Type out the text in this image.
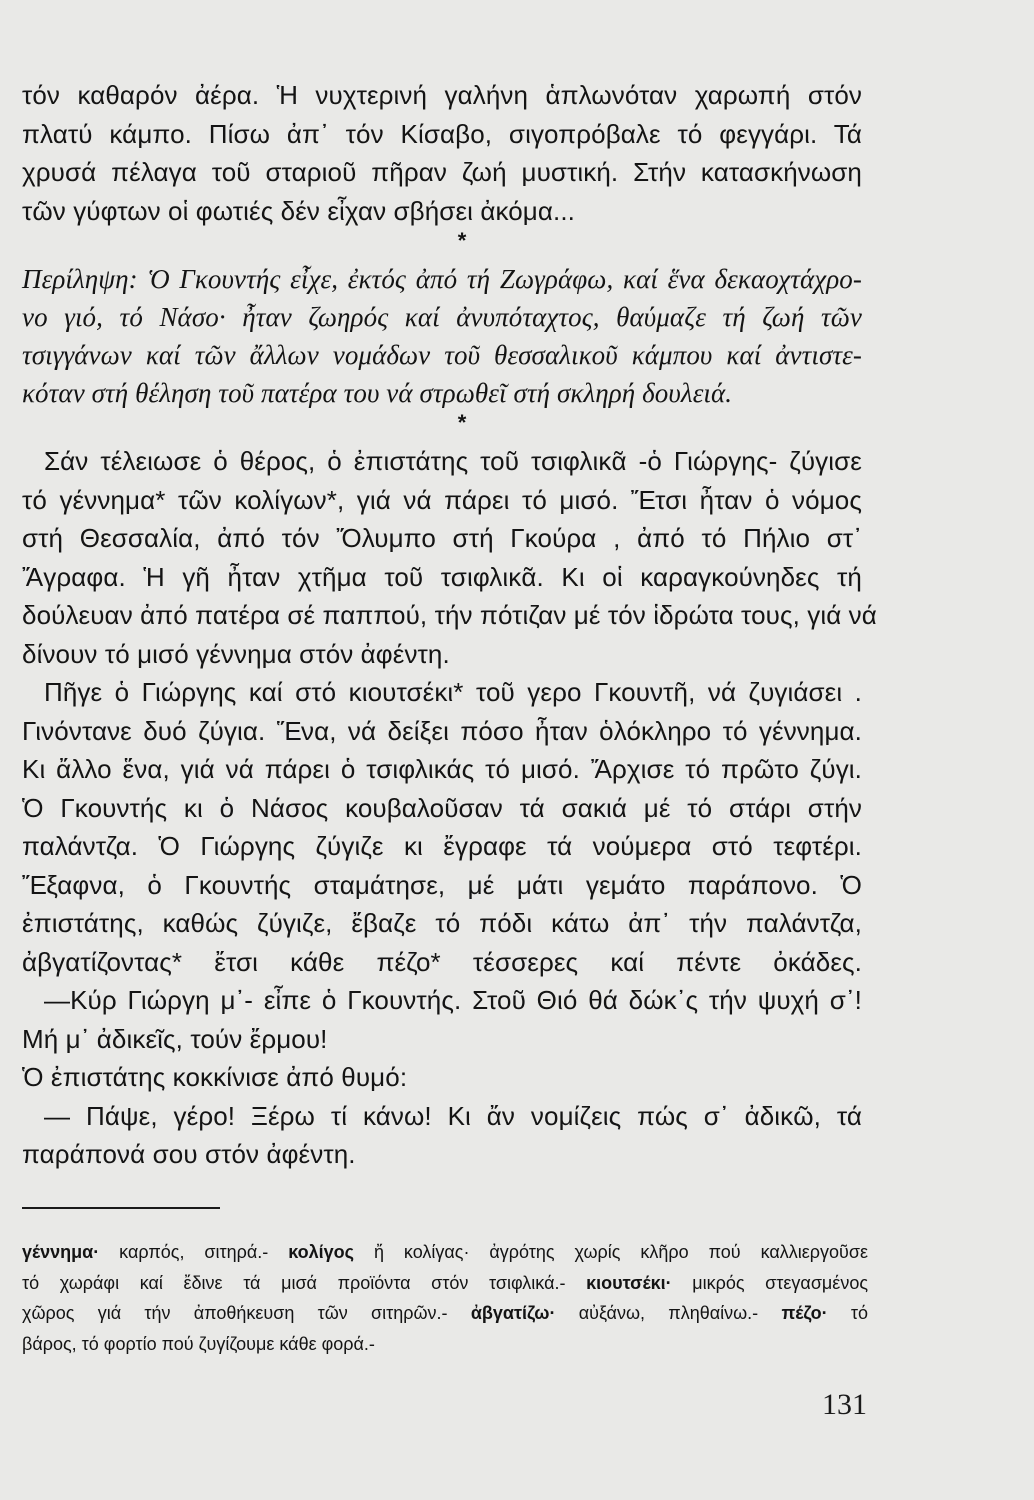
τόν καθαρόν ἀέρα. Ἡ νυχτερινή γαλήνη ἁπλωνόταν χαρωπή στόν
πλατύ κάμπο. Πίσω ἀπ᾿ τόν Κίσαβο, σιγοπρόβαλε τό φεγγάρι. Τά
χρυσά πέλαγα τοῦ σταριοῦ πῆραν ζωή μυστική. Στήν κατασκήνωση
τῶν γύφτων οἱ φωτιές δέν εἶχαν σβήσει ἀκόμα...
*
Περίληψη: Ὁ Γκουντής εἶχε, ἐκτός ἀπό τή Ζωγράφω, καί ἕνα δεκαοχτάχρο-
νο γιό, τό Νάσο· ἦταν ζωηρός καί ἀνυπόταχτος, θαύμαζε τή ζωή τῶν
τσιγγάνων καί τῶν ἄλλων νομάδων τοῦ θεσσαλικοῦ κάμπου καί ἀντιστε-
κόταν στή θέληση τοῦ πατέρα του νά στρωθεῖ στή σκληρή δουλειά.
*
Σάν τέλειωσε ὁ θέρος, ὁ ἐπιστάτης τοῦ τσιφλικᾶ -ὁ Γιώργης- ζύγισε
τό γέννημα* τῶν κολίγων*, γιά νά πάρει τό μισό. Ἔτσι ἦταν ὁ νόμος
στή Θεσσαλία, ἀπό τόν Ὄλυμπο στή Γκούρα , ἀπό τό Πήλιο στ᾿
Ἄγραφα. Ἡ γῆ ἦταν χτῆμα τοῦ τσιφλικᾶ. Κι οἱ καραγκούνηδες τή
δούλευαν ἀπό πατέρα σέ παππού, τήν πότιζαν μέ τόν ἱδρώτα τους, γιά νά
δίνουν τό μισό γέννημα στόν ἀφέντη.
Πῆγε ὁ Γιώργης καί στό κιουτσέκι* τοῦ γερο Γκουντῆ, νά ζυγιάσει .
Γινόντανε δυό ζύγια. Ἕνα, νά δείξει πόσο ἦταν ὁλόκληρο τό γέννημα.
Κι ἄλλο ἕνα, γιά νά πάρει ὁ τσιφλικάς τό μισό. Ἄρχισε τό πρῶτο ζύγι.
Ὁ Γκουντής κι ὁ Νάσος κουβαλοῦσαν τά σακιά μέ τό στάρι στήν
παλάντζα. Ὁ Γιώργης ζύγιζε κι ἔγραφε τά νούμερα στό τεφτέρι.
Ἔξαφνα, ὁ Γκουντής σταμάτησε, μέ μάτι γεμάτο παράπονο. Ὁ
ἐπιστάτης, καθώς ζύγιζε, ἔβαζε τό πόδι κάτω ἀπ᾿ τήν παλάντζα,
ἀβγατίζοντας* ἔτσι κάθε πέζο* τέσσερες καί πέντε ὀκάδες.
—Κύρ Γιώργη μ᾿- εἶπε ὁ Γκουντής. Στοῦ Θιό θά δώκ᾿ς τήν ψυχή σ᾿!
Μή μ᾿ ἀδικεῖς, τούν ἔρμου!
Ὁ ἐπιστάτης κοκκίνισε ἀπό θυμό:
— Πάψε, γέρο! Ξέρω τί κάνω! Κι ἄν νομίζεις πώς σ᾿ ἀδικῶ, τά
παράπονά σου στόν ἀφέντη.
γέννημα· καρπός, σιτηρά.- κολίγος ἤ κολίγας· ἀγρότης χωρίς κλῆρο πού καλλιεργοῦσε
τό χωράφι καί ἔδινε τά μισά προϊόντα στόν τσιφλικά.- κιουτσέκι· μικρός στεγασμένος
χῶρος γιά τήν ἀποθήκευση τῶν σιτηρῶν.- ἀβγατίζω· αὐξάνω, πληθαίνω.- πέζο· τό
βάρος, τό φορτίο πού ζυγίζουμε κάθε φορά.-
131
